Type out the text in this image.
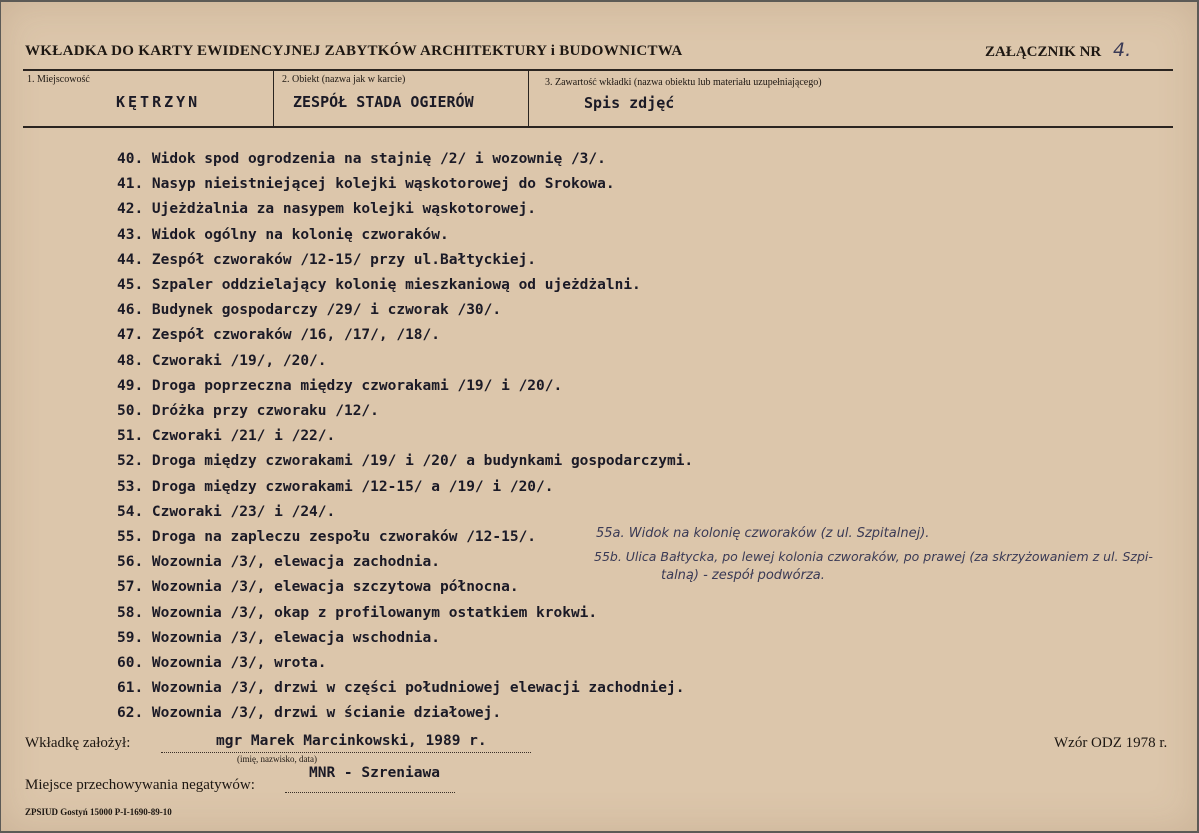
WKŁADKA DO KARTY EWIDENCYJNEJ ZABYTKÓW ARCHITEKTURY i BUDOWNICTWA	ZAŁĄCZNIK NR 4.
1. Miejscowość
KĘTRZYN
2. Obiekt (nazwa jak w karcie)
ZESPÓŁ STADA OGIERÓW
3. Zawartość wkładki (nazwa obiektu lub materiału uzupełniającego)
Spis zdjęć
40. Widok spod ogrodzenia na stajnię /2/ i wozownię /3/.
41. Nasyp nieistniejącej kolejki wąskotorowej do Srokowa.
42. Ujeżdżalnia za nasypem kolejki wąskotorowej.
43. Widok ogólny na kolonię czworaków.
44. Zespół czworaków /12-15/ przy ul.Bałtyckiej.
45. Szpaler oddzielający kolonię mieszkaniową od ujeżdżalni.
46. Budynek gospodarczy /29/ i czworak /30/.
47. Zespół czworaków /16, /17/, /18/.
48. Czworaki /19/, /20/.
49. Droga poprzeczna między czworakami /19/ i /20/.
50. Dróżka przy czworaku /12/.
51. Czworaki /21/ i /22/.
52. Droga między czworakami /19/ i /20/ a budynkami gospodarczymi.
53. Droga między czworakami /12-15/ a /19/ i /20/.
54. Czworaki /23/ i /24/.
55. Droga na zapleczu zespołu czworaków /12-15/.
56. Wozownia /3/, elewacja zachodnia.
57. Wozownia /3/, elewacja szczytowa północna.
58. Wozownia /3/, okap z profilowanym ostatkiem krokwi.
59. Wozownia /3/, elewacja wschodnia.
60. Wozownia /3/, wrota.
61. Wozownia /3/, drzwi w części południowej elewacji zachodniej.
62. Wozownia /3/, drzwi w ścianie działowej.
55a. Widok na kolonię czworaków (z ul. Szpitalnej).
55b. Ulica Bałtycka, po lewej kolonia czworaków, po prawej (za skrzyżowaniem z ul. Szpi-
talną) - zespół podwórza.
Wkładkę założył:	mgr Marek Marcinkowski, 1989 r.
(imię, nazwisko, data)
Wzór ODZ 1978 r.
Miejsce przechowywania negatywów:
MNR - Szreniawa
ZPSIUD Gostyń 15000 P-I-1690-89-10
